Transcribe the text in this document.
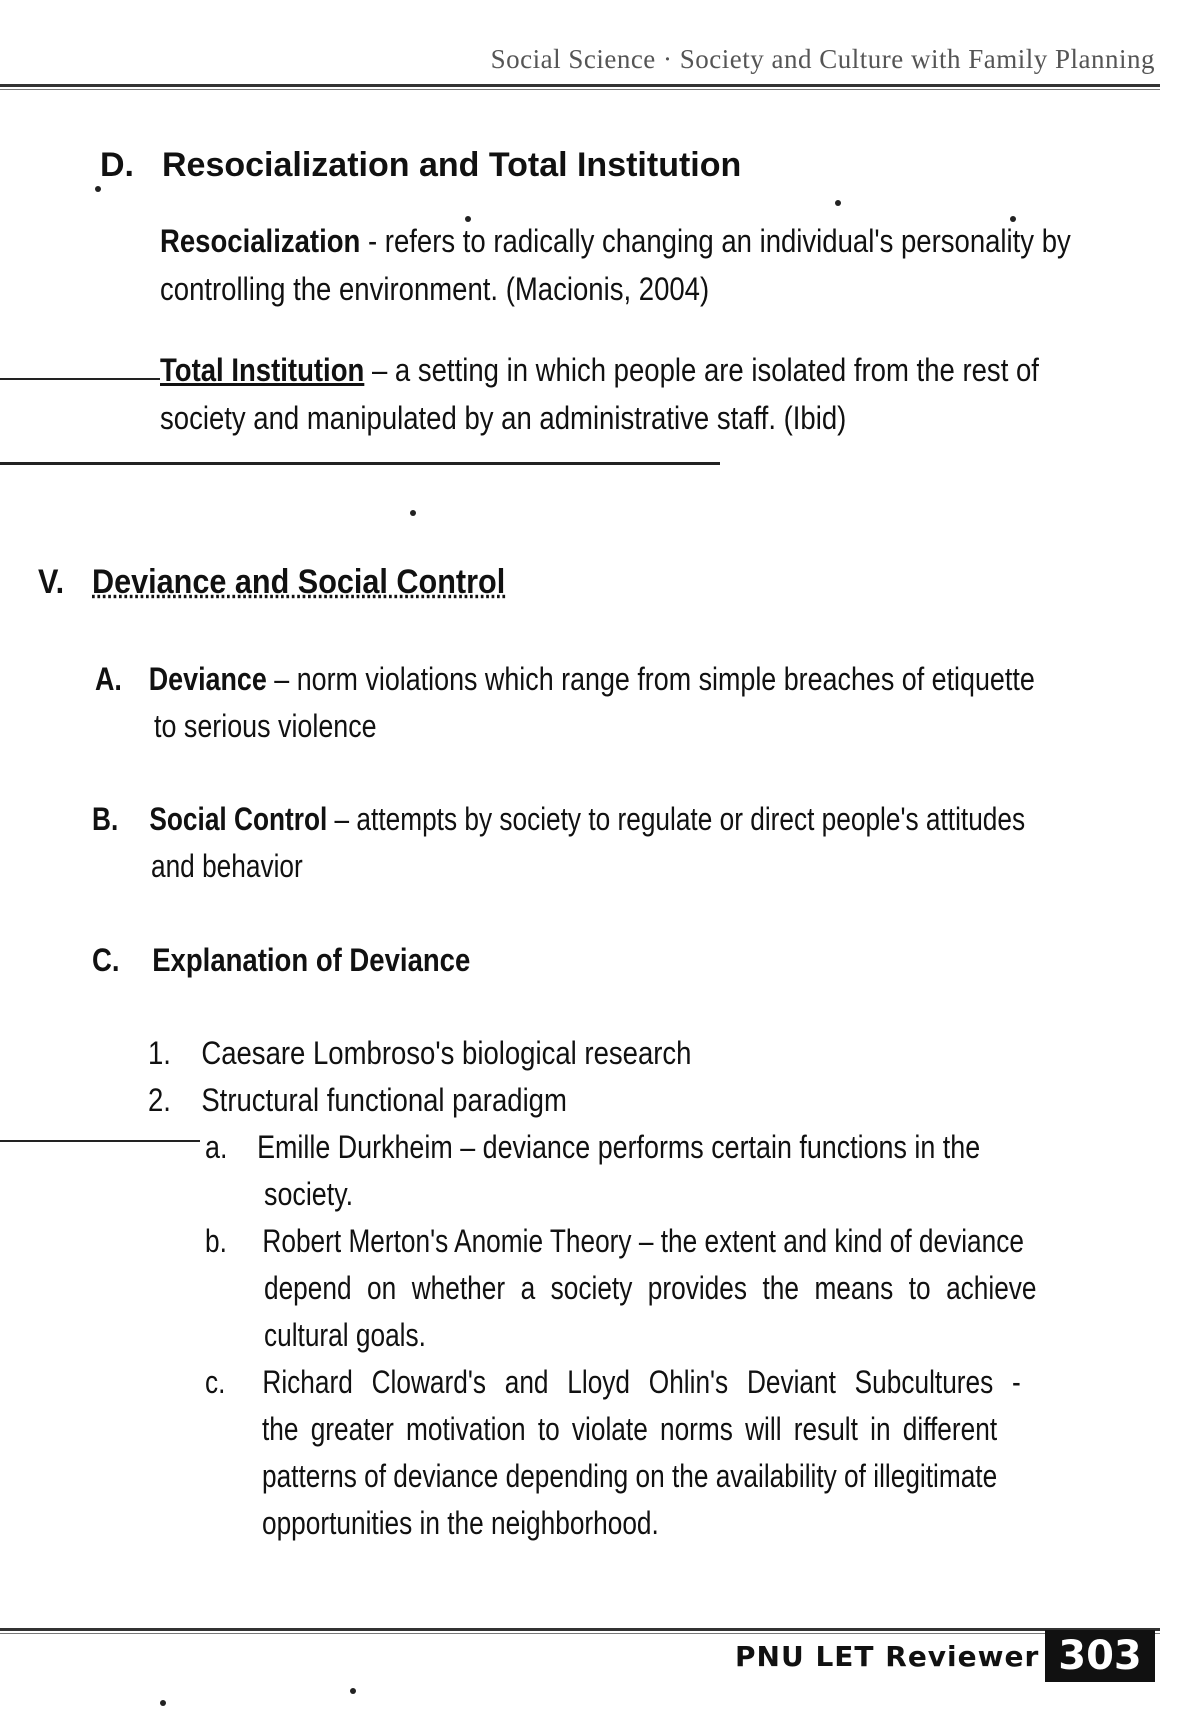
Social Science · Society and Culture with Family Planning
D. Resocialization and Total Institution
Resocialization - refers to radically changing an individual's personality by
controlling the environment. (Macionis, 2004)
Total Institution – a setting in which people are isolated from the rest of
society and manipulated by an administrative staff. (Ibid)
V. Deviance and Social Control
A. Deviance – norm violations which range from simple breaches of etiquette
to serious violence
B. Social Control – attempts by society to regulate or direct people's attitudes
and behavior
C. Explanation of Deviance
1. Caesare Lombroso's biological research
2. Structural functional paradigm
a. Emille Durkheim – deviance performs certain functions in the
society.
b. Robert Merton's Anomie Theory – the extent and kind of deviance
depend on whether a society provides the means to achieve
cultural goals.
c. Richard Cloward's and Lloyd Ohlin's Deviant Subcultures -
the greater motivation to violate norms will result in different
patterns of deviance depending on the availability of illegitimate
opportunities in the neighborhood.
PNU LET Reviewer 303
